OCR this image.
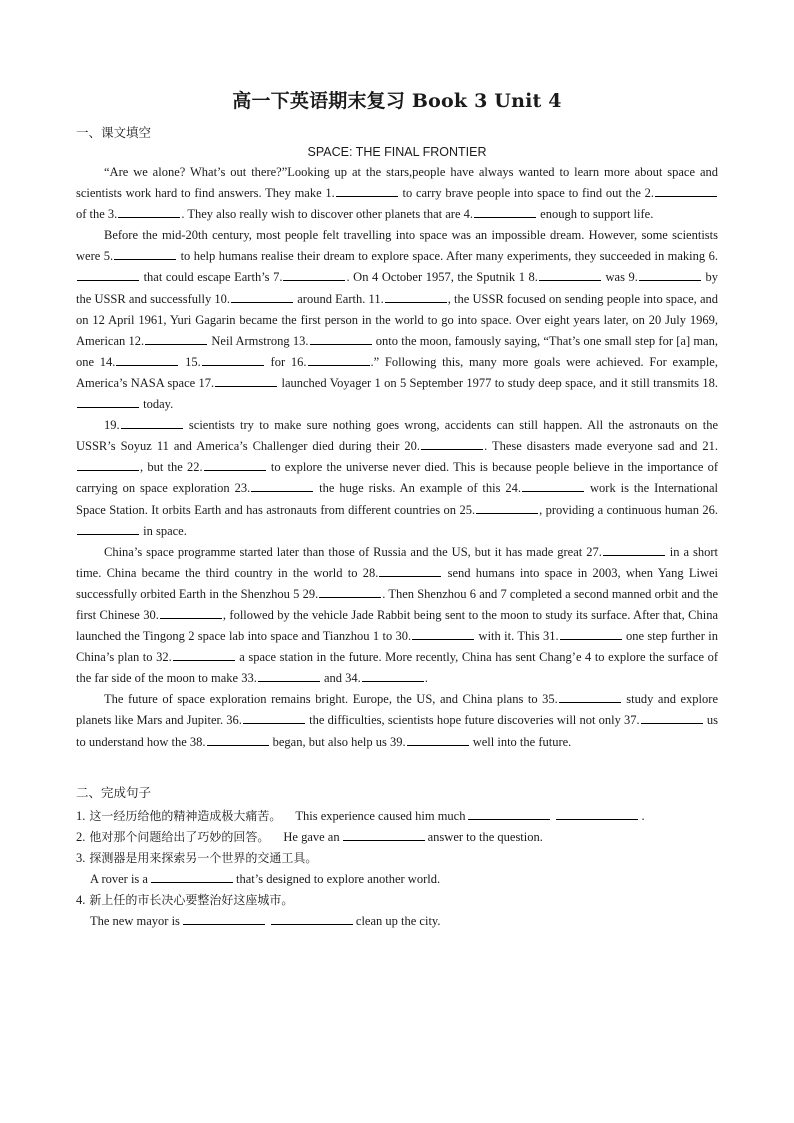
高一下英语期末复习 Book 3 Unit 4
一、课文填空
SPACE: THE FINAL FRONTIER

“Are we alone? What’s out there?”Looking up at the stars,people have always wanted to learn more about space and scientists work hard to find answers. They make 1.	to carry brave people into space to find out the 2. of the 3.	. They also really wish to discover other planets that are 4.	enough to support life.

Before the mid-20th century, most people felt travelling into space was an impossible dream. However, some scientists were 5.	to help humans realise their dream to explore space. After many experiments, they succeeded in making 6. that could escape Earth’s 7.	. On 4 October 1957, the Sputnik 1 8.	was 9.	by the USSR and successfully 10.	around Earth. 11.	, the USSR focused on sending people into space, and on 12 April 1961, Yuri Gagarin became the first person in the world to go into space. Over eight years later, on 20 July 1969, American 12.	Neil Armstrong 13.	onto the moon, famously saying, “That’s one small step for [a] man, one 14.	15.	for 16.	.” Following this, many more goals were achieved. For example, America’s NASA space 17.	launched Voyager 1 on 5 September 1977 to study deep space, and it still transmits 18. today.

19.	scientists try to make sure nothing goes wrong, accidents can still happen. All the astronauts on the USSR’s Soyuz 11 and America’s Challenger died during their 20.	. These disasters made everyone sad and 21., but the 22.	to explore the universe never died. This is because people believe in the importance of carrying on space exploration 23.	the huge risks. An example of this 24.	work is the International Space Station. It orbits Earth and has astronauts from different countries on 25.	, providing a continuous human 26. in space.

China’s space programme started later than those of Russia and the US, but it has made great 27.	in a short time. China became the third country in the world to 28.	send humans into space in 2003, when Yang Liwei successfully orbited Earth in the Shenzhou 5 29.	. Then Shenzhou 6 and 7 completed a second manned orbit and the first Chinese 30.	, followed by the vehicle Jade Rabbit being sent to the moon to study its surface. After that, China launched the Tingong 2 space lab into space and Tianzhou 1 to 30.	with it. This 31.	one step further in China’s plan to 32.	a space station in the future. More recently, China has sent Chang’e 4 to explore the surface of the far side of the moon to make 33.	and 34.	.

The future of space exploration remains bright. Europe, the US, and China plans to 35.	study and explore planets like Mars and Jupiter. 36.	the difficulties, scientists hope future discoveries will not only 37.	us to understand how the 38.	began, but also help us 39.	well into the future.

二、完成句子
1. 这一经历给他的精神造成极大痛苦。 This experience caused him much	.
2. 他对那个问题给出了巧妙的回答。 He gave an	answer to the question.
3. 探测器是用来探索另一个世界的交通工具。
A rover is a	that’s designed to explore another world.
4. 新上任的市长决心要整治好这座城市。
The new mayor is	clean up the city.
